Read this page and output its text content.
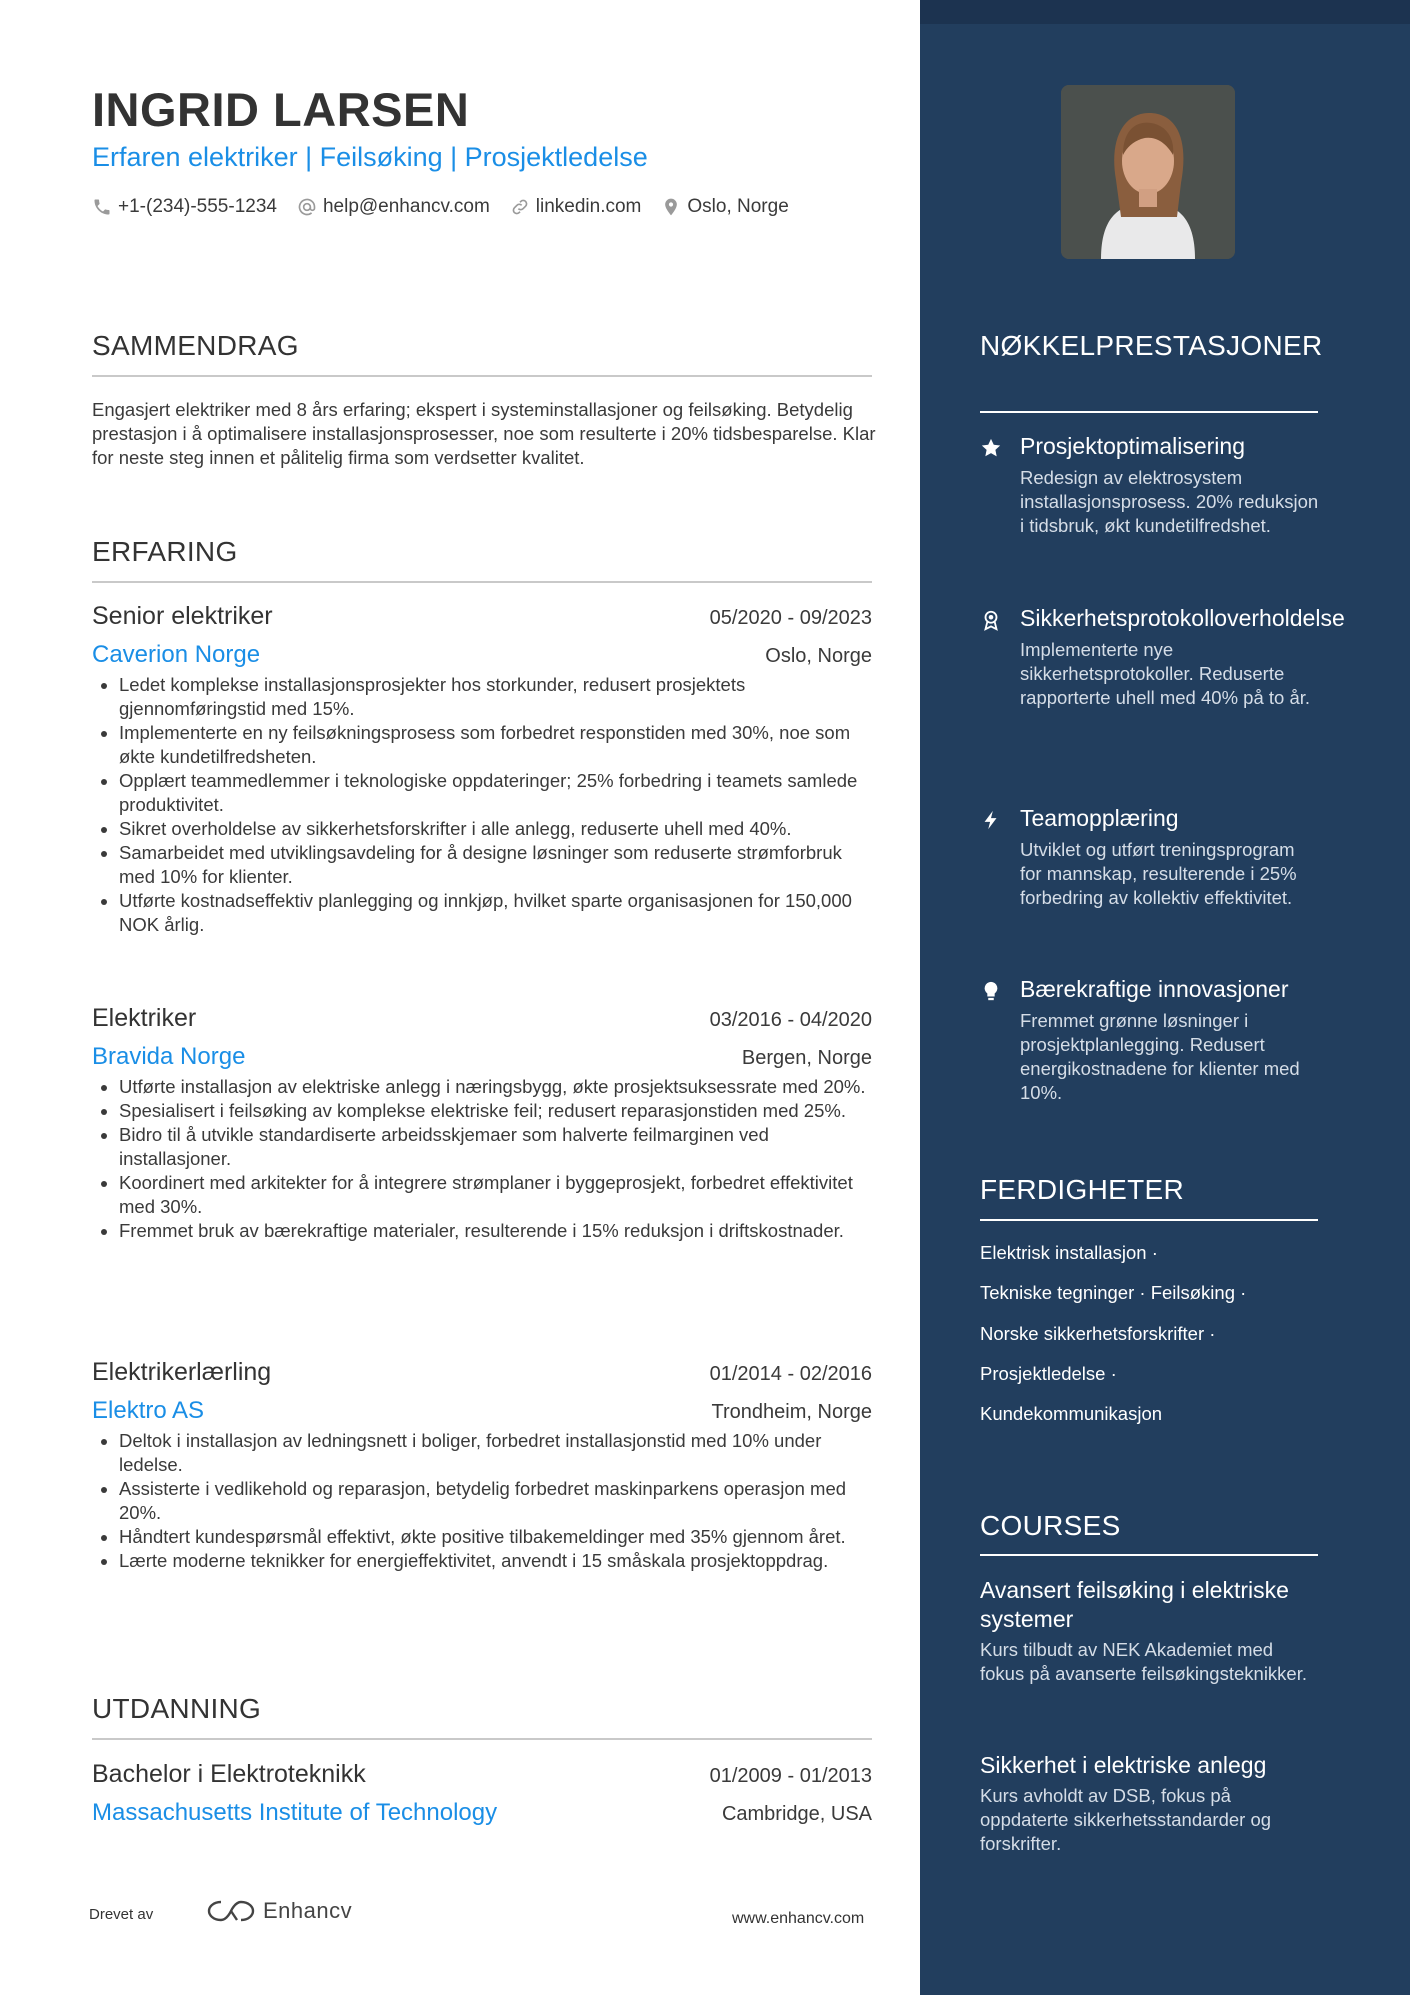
INGRID LARSEN
Erfaren elektriker | Feilsøking | Prosjektledelse
+1-(234)-555-1234 help@enhancv.com linkedin.com Oslo, Norge
SAMMENDRAG
Engasjert elektriker med 8 års erfaring; ekspert i systeminstallasjoner og feilsøking. Betydelig prestasjon i å optimalisere installasjonsprosesser, noe som resulterte i 20% tidsbesparelse. Klar for neste steg innen et pålitelig firma som verdsetter kvalitet.
ERFARING
Senior elektriker	05/2020 - 09/2023
Caverion Norge	Oslo, Norge
• Ledet komplekse installasjonsprosjekter hos storkunder, redusert prosjektets gjennomføringstid med 15%.
• Implementerte en ny feilsøkningsprosess som forbedret responstiden med 30%, noe som økte kundetilfredsheten.
• Opplært teammedlemmer i teknologiske oppdateringer; 25% forbedring i teamets samlede produktivitet.
• Sikret overholdelse av sikkerhetsforskrifter i alle anlegg, reduserte uhell med 40%.
• Samarbeidet med utviklingsavdeling for å designe løsninger som reduserte strømforbruk med 10% for klienter.
• Utførte kostnadseffektiv planlegging og innkjøp, hvilket sparte organisasjonen for 150,000 NOK årlig.
Elektriker	03/2016 - 04/2020
Bravida Norge	Bergen, Norge
• Utførte installasjon av elektriske anlegg i næringsbygg, økte prosjektsuksessrate med 20%.
• Spesialisert i feilsøking av komplekse elektriske feil; redusert reparasjonstiden med 25%.
• Bidro til å utvikle standardiserte arbeidsskjemaer som halverte feilmarginen ved installasjoner.
• Koordinert med arkitekter for å integrere strømplaner i byggeprosjekt, forbedret effektivitet med 30%.
• Fremmet bruk av bærekraftige materialer, resulterende i 15% reduksjon i driftskostnader.
Elektrikerlærling	01/2014 - 02/2016
Elektro AS	Trondheim, Norge
• Deltok i installasjon av ledningsnett i boliger, forbedret installasjonstid med 10% under ledelse.
• Assisterte i vedlikehold og reparasjon, betydelig forbedret maskinparkens operasjon med 20%.
• Håndtert kundespørsmål effektivt, økte positive tilbakemeldinger med 35% gjennom året.
• Lærte moderne teknikker for energieffektivitet, anvendt i 15 småskala prosjektoppdrag.
UTDANNING
Bachelor i Elektroteknikk	01/2009 - 01/2013
Massachusetts Institute of Technology	Cambridge, USA
Drevet av	Enhancv	www.enhancv.com
NØKKELPRESTASJONER
Prosjektoptimalisering
Redesign av elektrosystem installasjonsprosess. 20% reduksjon i tidsbruk, økt kundetilfredshet.
Sikkerhetsprotokolloverholdelse
Implementerte nye sikkerhetsprotokoller. Reduserte rapporterte uhell med 40% på to år.
Teamopplæring
Utviklet og utført treningsprogram for mannskap, resulterende i 25% forbedring av kollektiv effektivitet.
Bærekraftige innovasjoner
Fremmet grønne løsninger i prosjektplanlegging. Redusert energikostnadene for klienter med 10%.
FERDIGHETER
Elektrisk installasjon ·
Tekniske tegninger · Feilsøking ·
Norske sikkerhetsforskrifter ·
Prosjektledelse ·
Kundekommunikasjon
COURSES
Avansert feilsøking i elektriske systemer
Kurs tilbudt av NEK Akademiet med fokus på avanserte feilsøkingsteknikker.
Sikkerhet i elektriske anlegg
Kurs avholdt av DSB, fokus på oppdaterte sikkerhetsstandarder og forskrifter.
